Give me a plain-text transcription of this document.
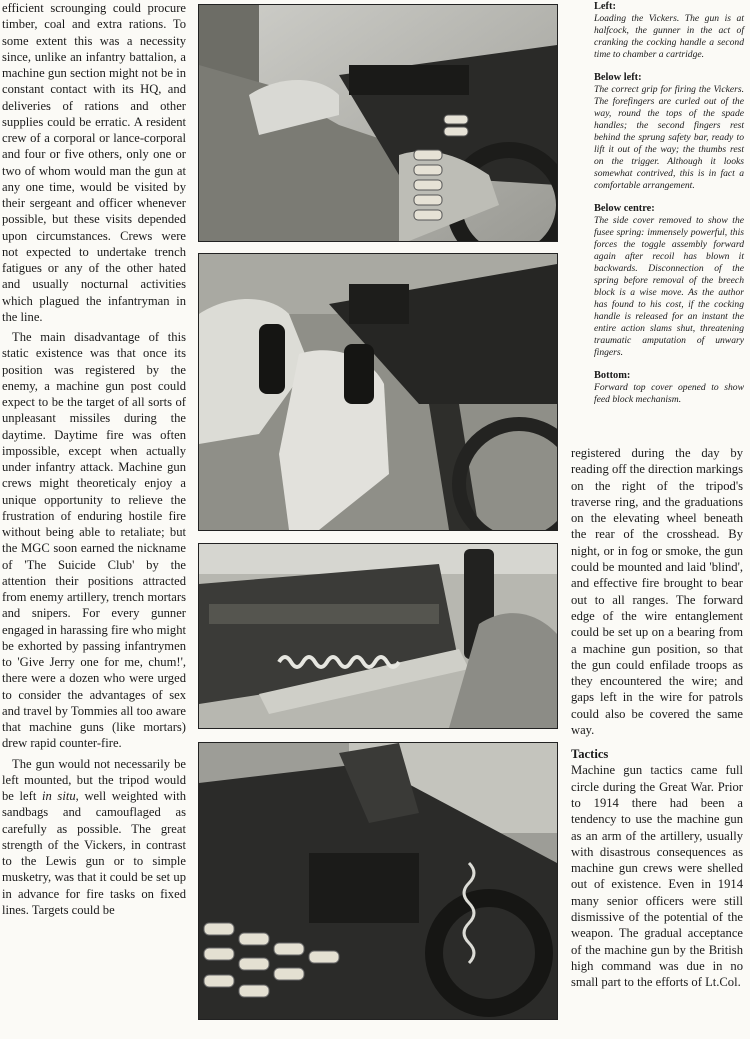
efficient scrounging could procure timber, coal and extra rations. To some extent this was a necessity since, unlike an infantry battalion, a machine gun section might not be in constant contact with its HQ, and deliveries of rations and other supplies could be erratic. A resident crew of a corporal or lance-corporal and four or five others, only one or two of whom would man the gun at any one time, would be visited by their sergeant and officer whenever possible, but these visits depended upon circumstances. Crews were not expected to undertake trench fatigues or any of the other hated and usually nocturnal activities which plagued the infantryman in the line.

The main disadvantage of this static existence was that once its position was registered by the enemy, a machine gun post could expect to be the target of all sorts of unpleasant missiles during the daytime. Daytime fire was often impossible, except when actually under infantry attack. Machine gun crews might theoreticaly enjoy a unique opportunity to relieve the frustration of enduring hostile fire without being able to retaliate; but the MGC soon earned the nickname of 'The Suicide Club' by the attention their positions attracted from enemy artillery, trench mortars and snipers. For every gunner engaged in harassing fire who might be exhorted by passing infantrymen to 'Give Jerry one for me, chum!', there were a dozen who were urged to consider the advantages of sex and travel by Tommies all too aware that machine guns (like mortars) drew rapid counter-fire.

The gun would not necessarily be left mounted, but the tripod would be left in situ, well weighted with sandbags and camouflaged as carefully as possible. The great strength of the Vickers, in contrast to the Lewis gun or to simple musketry, was that it could be set up in advance for fire tasks on fixed lines. Targets could be

Left:

Loading the Vickers. The gun is at halfcock, the gunner in the act of cranking the cocking handle a second time to chamber a cartridge.

Below left:

The correct grip for firing the Vickers. The forefingers are curled out of the way, round the tops of the spade handles; the second fingers rest behind the sprung safety bar, ready to lift it out of the way; the thumbs rest on the trigger. Although it looks somewhat contrived, this is in fact a comfortable arrangement.

Below centre:

The side cover removed to show the fusee spring: immensely powerful, this forces the toggle assembly forward again after recoil has blown it backwards. Disconnection of the spring before removal of the breech block is a wise move. As the author has found to his cost, if the cocking handle is released for an instant the entire action slams shut, threatening traumatic amputation of unwary fingers.

Bottom:

Forward top cover opened to show feed block mechanism.

registered during the day by reading off the direction markings on the right of the tripod's traverse ring, and the graduations on the elevating wheel beneath the rear of the crosshead. By night, or in fog or smoke, the gun could be mounted and laid 'blind', and effective fire brought to bear out to all ranges. The forward edge of the wire entanglement could be set up on a bearing from a machine gun position, so that the gun could enfilade troops as they encountered the wire; and gaps left in the wire for patrols could also be covered the same way.

Tactics

Machine gun tactics came full circle during the Great War. Prior to 1914 there had been a tendency to use the machine gun as an arm of the artillery, usually with disastrous consequences as machine gun crews were shelled out of existence. Even in 1914 many senior officers were still dismissive of the potential of the weapon. The gradual acceptance of the machine gun by the British high command was due in no small part to the efforts of Lt.Col.
